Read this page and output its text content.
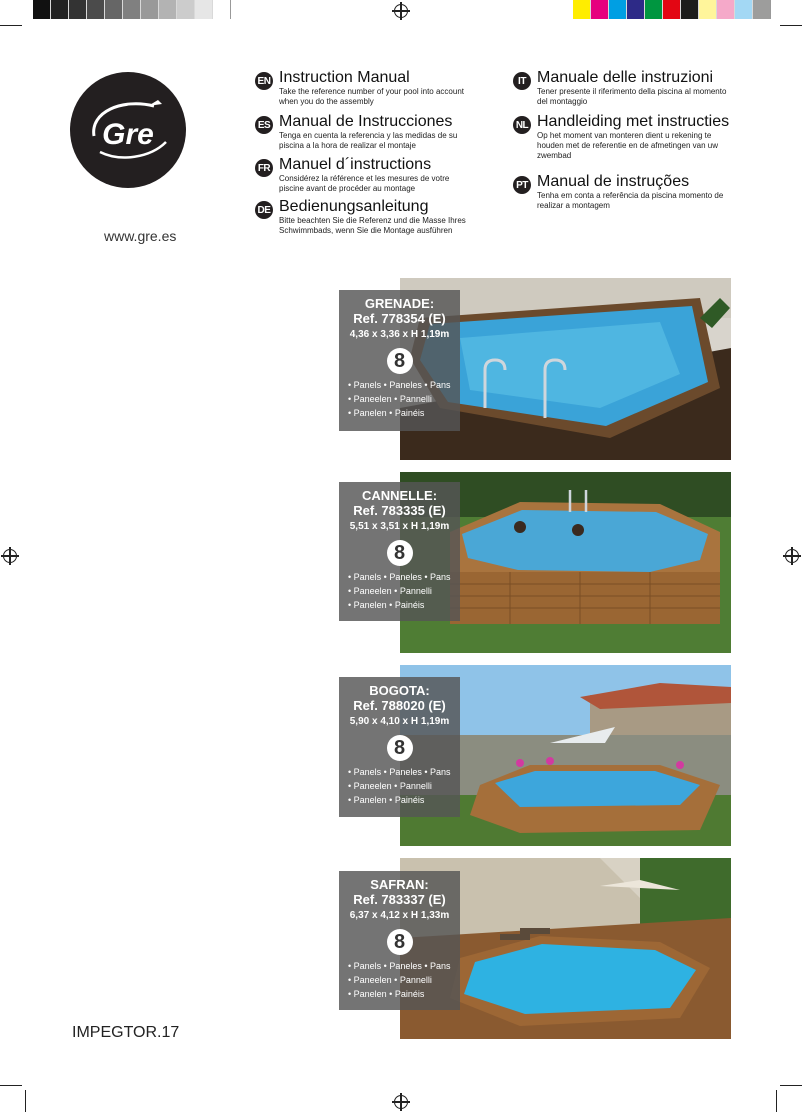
Gre
www.gre.es
EN Instruction Manual
Take the reference number of your pool into account when you do the assembly
ES Manual de Instrucciones
Tenga en cuenta la referencia y las medidas de su piscina a la hora de realizar el montaje
FR Manuel d´instructions
Considérez la référence et les mesures de votre piscine avant de procéder au montage
DE Bedienungsanleitung
Bitte beachten Sie die Referenz und die Masse Ihres Schwimmbads, wenn Sie die Montage ausführen
IT Manuale delle instruzioni
Tener presente il riferimento della piscina al momento del montaggio
NL Handleiding met instructies
Op het moment van monteren dient u rekening te houden met de referentie en de afmetingen van uw zwembad
PT Manual de instruções
Tenha em conta a referência da piscina momento de realizar a montagem
GRENADE:
Ref. 778354 (E)
4,36 x 3,36 x H 1,19m
8
• Panels • Paneles • Pans
• Paneelen • Pannelli
• Panelen • Painéis
CANNELLE:
Ref. 783335 (E)
5,51 x 3,51 x H 1,19m
8
• Panels • Paneles • Pans
• Paneelen • Pannelli
• Panelen • Painéis
BOGOTA:
Ref. 788020 (E)
5,90 x 4,10 x H 1,19m
8
• Panels • Paneles • Pans
• Paneelen • Pannelli
• Panelen • Painéis
SAFRAN:
Ref. 783337 (E)
6,37 x 4,12 x H 1,33m
8
• Panels • Paneles • Pans
• Paneelen • Pannelli
• Panelen • Painéis
IMPEGTOR.17
